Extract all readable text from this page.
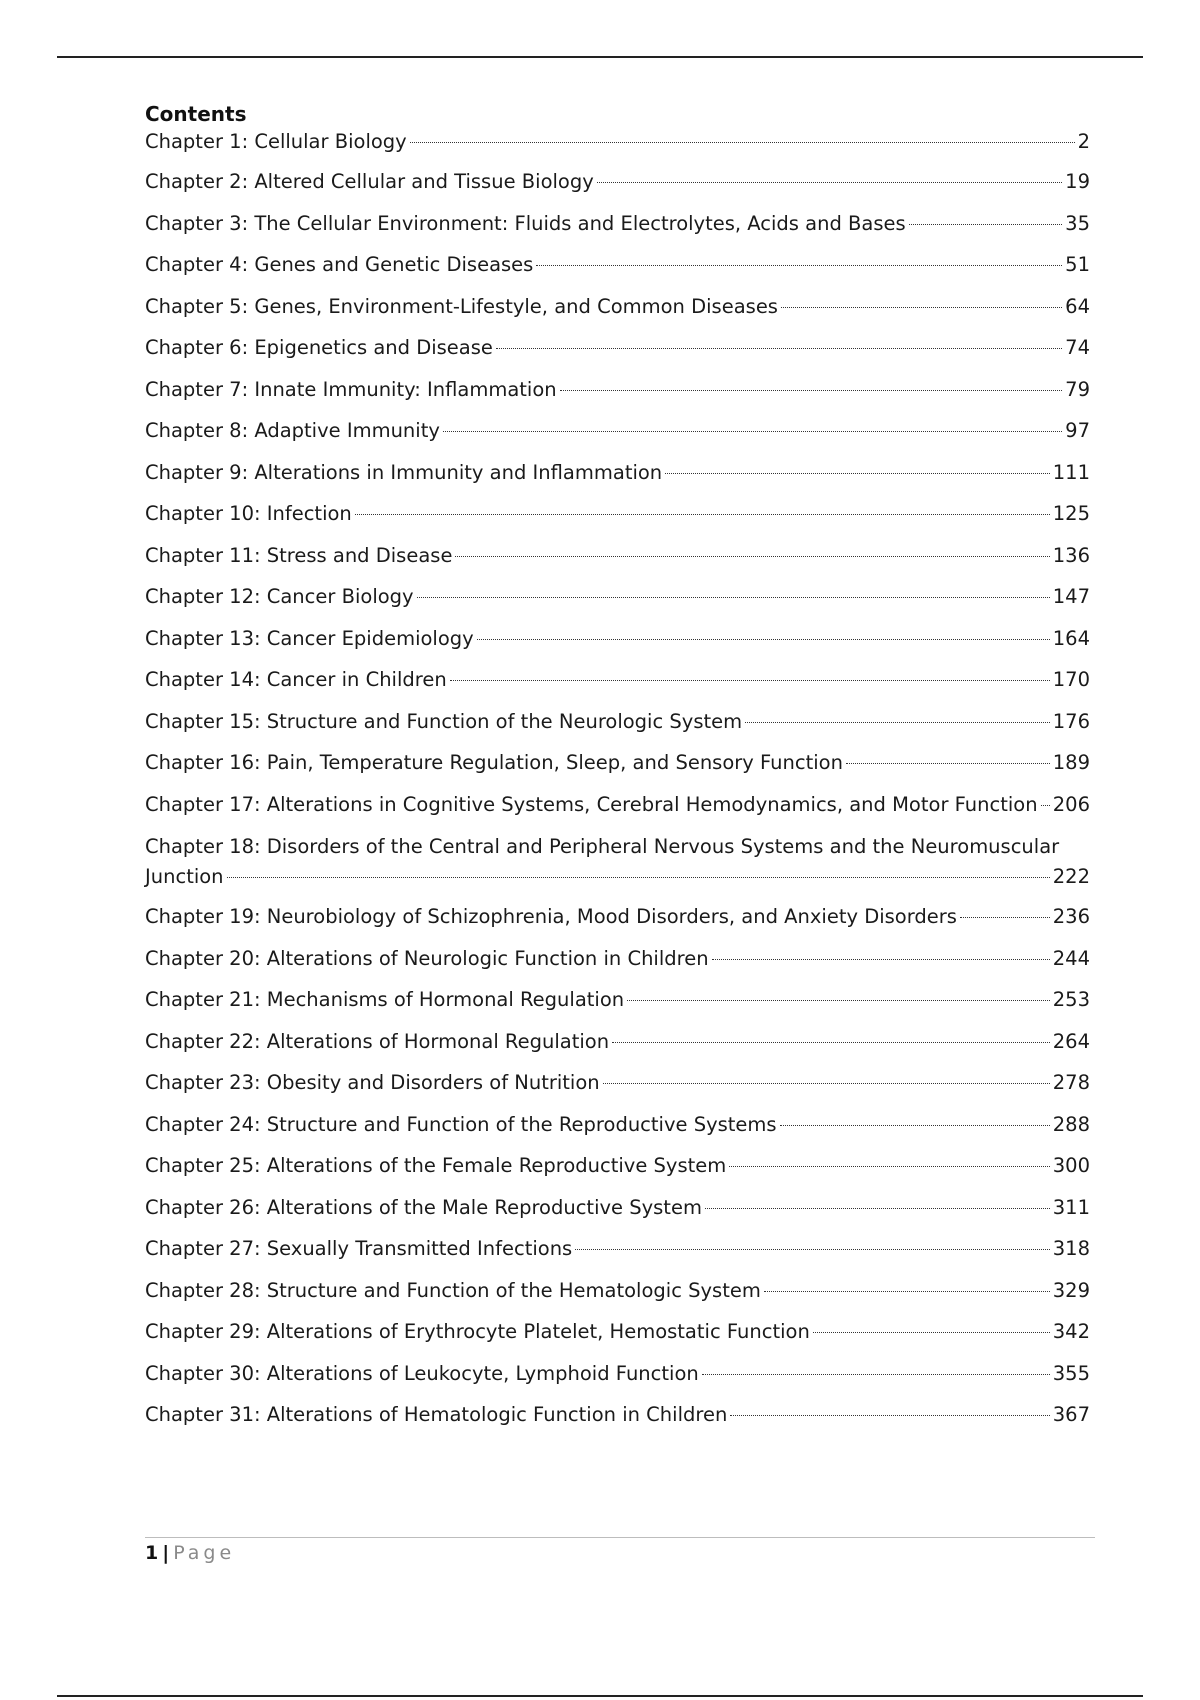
Contents
Chapter 1: Cellular Biology	2
Chapter 2: Altered Cellular and Tissue Biology	19
Chapter 3: The Cellular Environment: Fluids and Electrolytes, Acids and Bases	35
Chapter 4: Genes and Genetic Diseases	51
Chapter 5: Genes, Environment-Lifestyle, and Common Diseases	64
Chapter 6: Epigenetics and Disease	74
Chapter 7: Innate Immunity: Inflammation	79
Chapter 8: Adaptive Immunity	97
Chapter 9: Alterations in Immunity and Inflammation	111
Chapter 10: Infection	125
Chapter 11: Stress and Disease	136
Chapter 12: Cancer Biology	147
Chapter 13: Cancer Epidemiology	164
Chapter 14: Cancer in Children	170
Chapter 15: Structure and Function of the Neurologic System	176
Chapter 16: Pain, Temperature Regulation, Sleep, and Sensory Function	189
Chapter 17: Alterations in Cognitive Systems, Cerebral Hemodynamics, and Motor Function 206
Chapter 18: Disorders of the Central and Peripheral Nervous Systems and the Neuromuscular
Junction	222
Chapter 19: Neurobiology of Schizophrenia, Mood Disorders, and Anxiety Disorders	236
Chapter 20: Alterations of Neurologic Function in Children	244
Chapter 21: Mechanisms of Hormonal Regulation	253
Chapter 22: Alterations of Hormonal Regulation	264
Chapter 23: Obesity and Disorders of Nutrition	278
Chapter 24: Structure and Function of the Reproductive Systems	288
Chapter 25: Alterations of the Female Reproductive System	300
Chapter 26: Alterations of the Male Reproductive System	311
Chapter 27: Sexually Transmitted Infections	318
Chapter 28: Structure and Function of the Hematologic System	329
Chapter 29: Alterations of Erythrocyte Platelet, Hemostatic Function	342
Chapter 30: Alterations of Leukocyte, Lymphoid Function	355
Chapter 31: Alterations of Hematologic Function in Children	367
1 | Page
